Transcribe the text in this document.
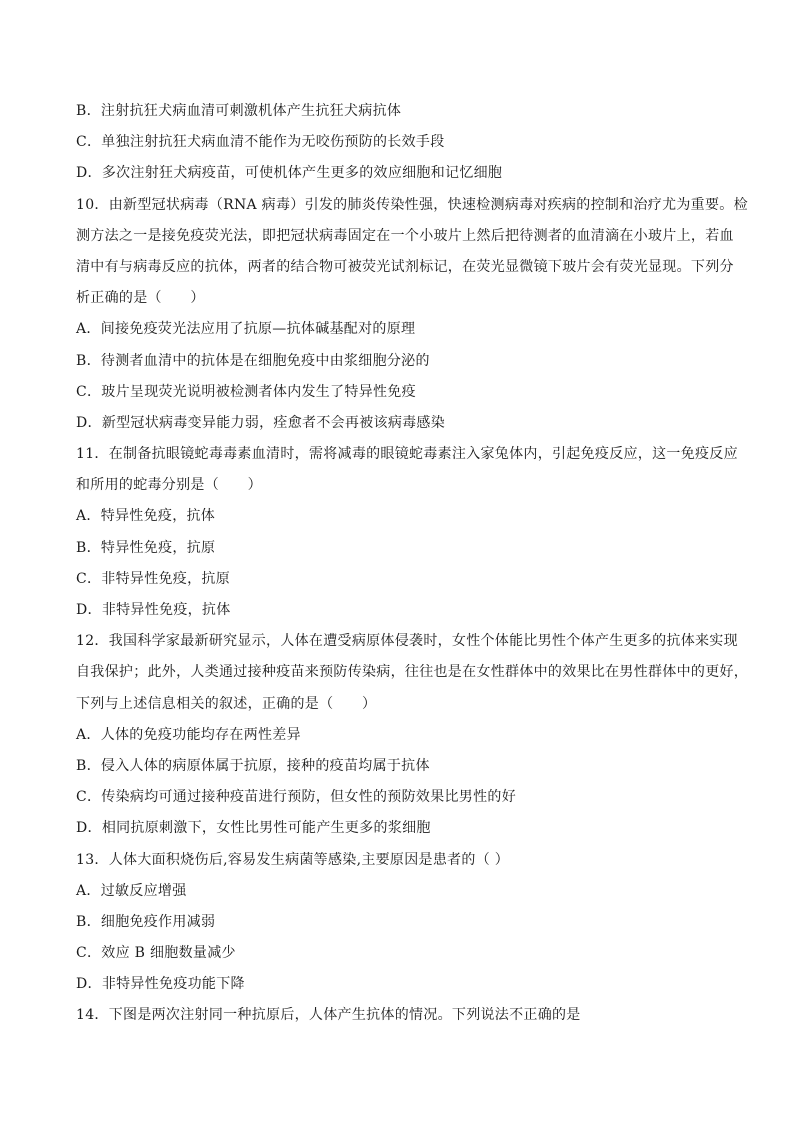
B．注射抗狂犬病血清可刺激机体产生抗狂犬病抗体
C．单独注射抗狂犬病血清不能作为无咬伤预防的长效手段
D．多次注射狂犬病疫苗，可使机体产生更多的效应细胞和记忆细胞
10．由新型冠状病毒（RNA 病毒）引发的肺炎传染性强，快速检测病毒对疾病的控制和治疗尤为重要。检
测方法之一是接免疫荧光法，即把冠状病毒固定在一个小玻片上然后把待测者的血清滴在小玻片上，若血
清中有与病毒反应的抗体，两者的结合物可被荧光试剂标记，在荧光显微镜下玻片会有荧光显现。下列分
析正确的是（　　）
A．间接免疫荧光法应用了抗原—抗体碱基配对的原理
B．待测者血清中的抗体是在细胞免疫中由浆细胞分泌的
C．玻片呈现荧光说明被检测者体内发生了特异性免疫
D．新型冠状病毒变异能力弱，痊愈者不会再被该病毒感染
11．在制备抗眼镜蛇毒毒素血清时，需将减毒的眼镜蛇毒素注入家兔体内，引起免疫反应，这一免疫反应
和所用的蛇毒分别是（　　）
A．特异性免疫，抗体
B．特异性免疫，抗原
C．非特异性免疫，抗原
D．非特异性免疫，抗体
12．我国科学家最新研究显示，人体在遭受病原体侵袭时，女性个体能比男性个体产生更多的抗体来实现
自我保护；此外，人类通过接种疫苗来预防传染病，往往也是在女性群体中的效果比在男性群体中的更好，
下列与上述信息相关的叙述，正确的是（　　）
A．人体的免疫功能均存在两性差异
B．侵入人体的病原体属于抗原，接种的疫苗均属于抗体
C．传染病均可通过接种疫苗进行预防，但女性的预防效果比男性的好
D．相同抗原刺激下，女性比男性可能产生更多的浆细胞
13．人体大面积烧伤后,容易发生病菌等感染,主要原因是患者的（ ）
A．过敏反应增强
B．细胞免疫作用减弱
C．效应 B 细胞数量减少
D．非特异性免疫功能下降
14．下图是两次注射同一种抗原后，人体产生抗体的情况。下列说法不正确的是
